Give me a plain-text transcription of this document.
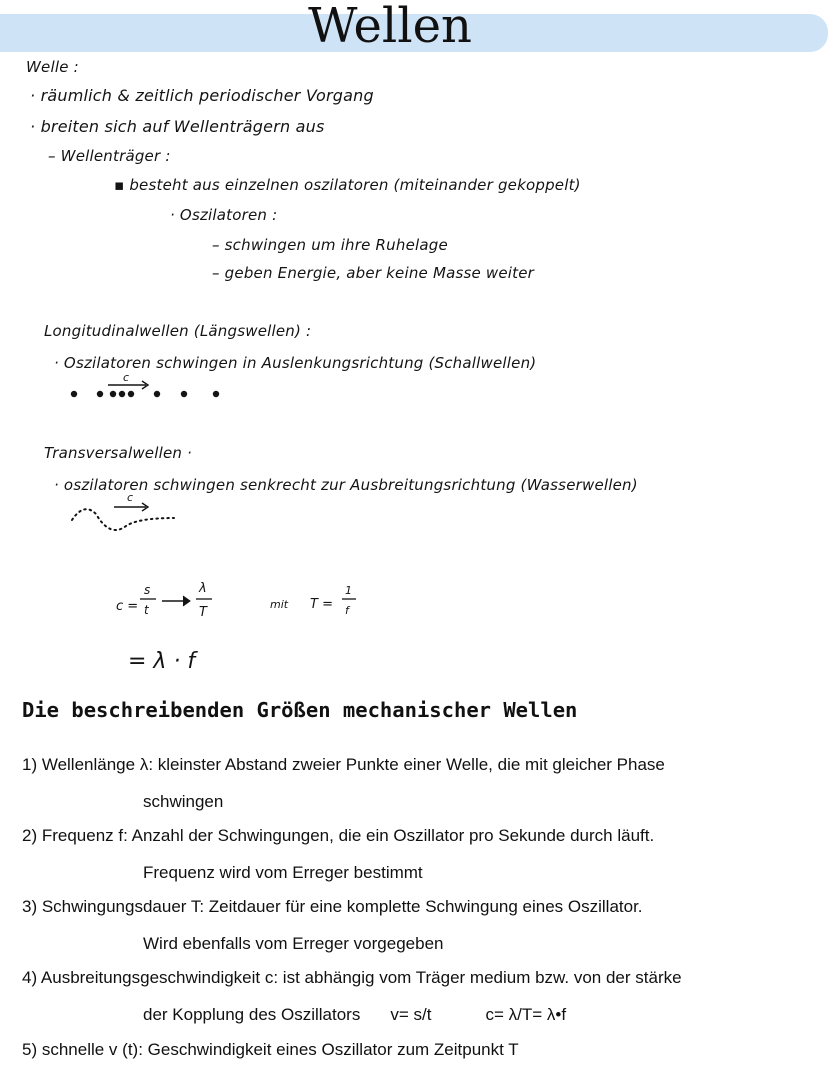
Wellen
Welle :
· räumlich & zeitlich periodischer Vorgang
· breiten sich auf Wellenträgern aus
– Wellenträger :
▪ besteht aus einzelnen oszilatoren (miteinander gekoppelt)
· Oszilatoren :
– schwingen um ihre Ruhelage
– geben Energie, aber keine Masse weiter
Longitudinalwellen (Längswellen) :
· Oszilatoren schwingen in Auslenkungsrichtung (Schallwellen)
c
Transversalwellen ·
· oszilatoren schwingen senkrecht zur Ausbreitungsrichtung (Wasserwellen)
c
c =
s
t
λ
T
mit T =
1
f
= λ · f
Die beschreibenden Größen mechanischer Wellen
1) Wellenlänge λ: kleinster Abstand zweier Punkte einer Welle, die mit gleicher Phase
schwingen
2) Frequenz f: Anzahl der Schwingungen, die ein Oszillator pro Sekunde durch läuft.
Frequenz wird vom Erreger bestimmt
3) Schwingungsdauer T: Zeitdauer für eine komplette Schwingung eines Oszillator.
Wird ebenfalls vom Erreger vorgegeben
4) Ausbreitungsgeschwindigkeit c: ist abhängig vom Träger medium bzw. von der stärke
der Kopplung des Oszillators v= s/t	c= λ/T= λ•f
5) schnelle v (t): Geschwindigkeit eines Oszillator zum Zeitpunkt T
